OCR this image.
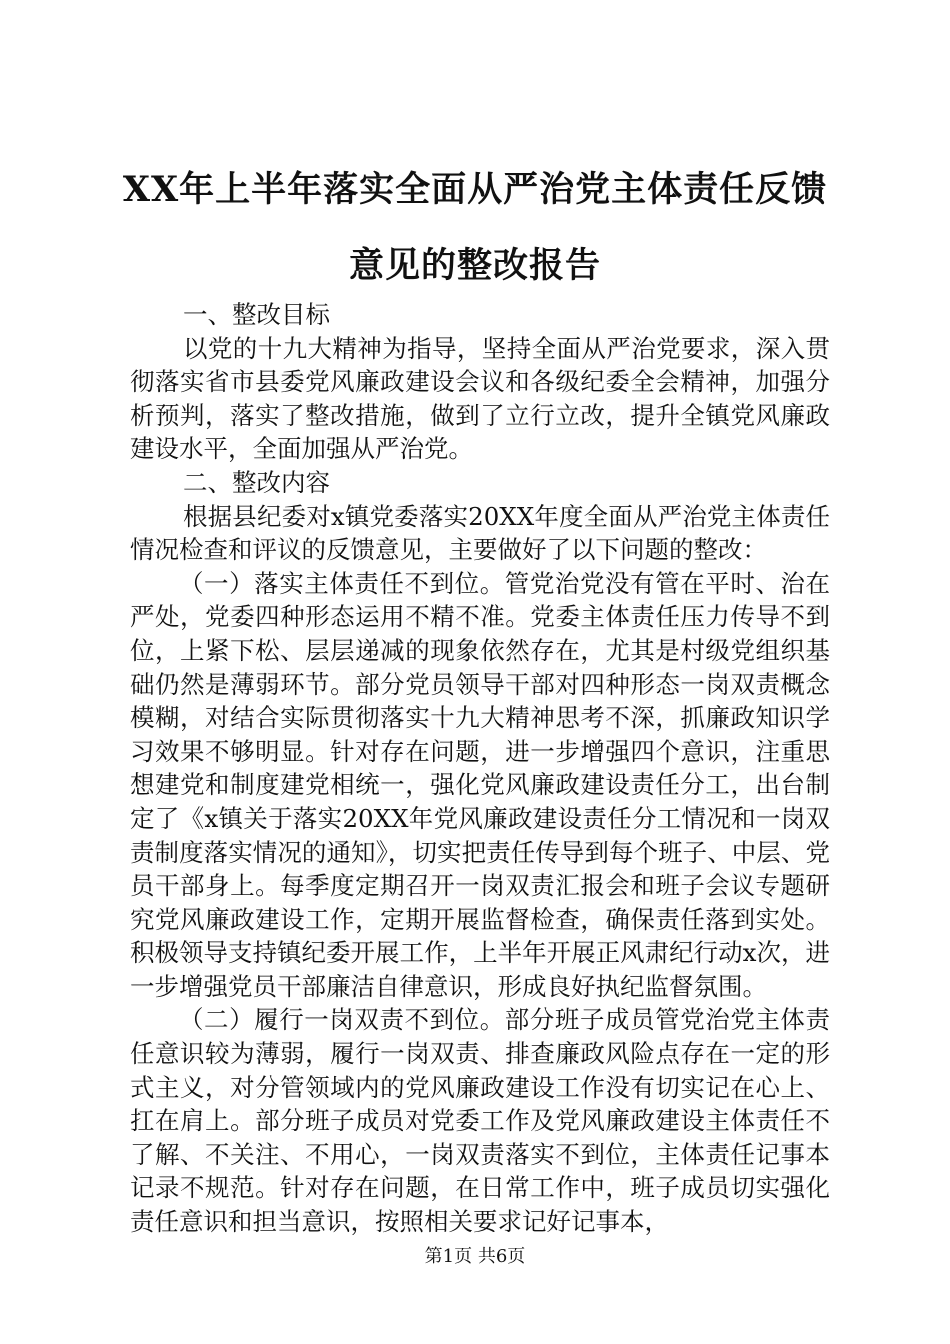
XX年上半年落实全面从严治党主体责任反馈
意见的整改报告

一、整改目标

以党的十九大精神为指导，坚持全面从严治党要求，深入贯彻落实省市县委党风廉政建设会议和各级纪委全会精神，加强分析预判，落实了整改措施，做到了立行立改，提升全镇党风廉政建设水平，全面加强从严治党。

二、整改内容

根据县纪委对x镇党委落实20XX年度全面从严治党主体责任情况检查和评议的反馈意见，主要做好了以下问题的整改：

（一）落实主体责任不到位。管党治党没有管在平时、治在严处，党委四种形态运用不精不准。党委主体责任压力传导不到位，上紧下松、层层递减的现象依然存在，尤其是村级党组织基础仍然是薄弱环节。部分党员领导干部对四种形态一岗双责概念模糊，对结合实际贯彻落实十九大精神思考不深，抓廉政知识学习效果不够明显。针对存在问题，进一步增强四个意识，注重思想建党和制度建党相统一，强化党风廉政建设责任分工，出台制定了《x镇关于落实20XX年党风廉政建设责任分工情况和一岗双责制度落实情况的通知》，切实把责任传导到每个班子、中层、党员干部身上。每季度定期召开一岗双责汇报会和班子会议专题研究党风廉政建设工作，定期开展监督检查，确保责任落到实处。积极领导支持镇纪委开展工作，上半年开展正风肃纪行动x次，进一步增强党员干部廉洁自律意识，形成良好执纪监督氛围。

（二）履行一岗双责不到位。部分班子成员管党治党主体责任意识较为薄弱，履行一岗双责、排查廉政风险点存在一定的形式主义，对分管领域内的党风廉政建设工作没有切实记在心上、扛在肩上。部分班子成员对党委工作及党风廉政建设主体责任不了解、不关注、不用心，一岗双责落实不到位，主体责任记事本记录不规范。针对存在问题，在日常工作中，班子成员切实强化责任意识和担当意识，按照相关要求记好记事本，

第1页 共6页
